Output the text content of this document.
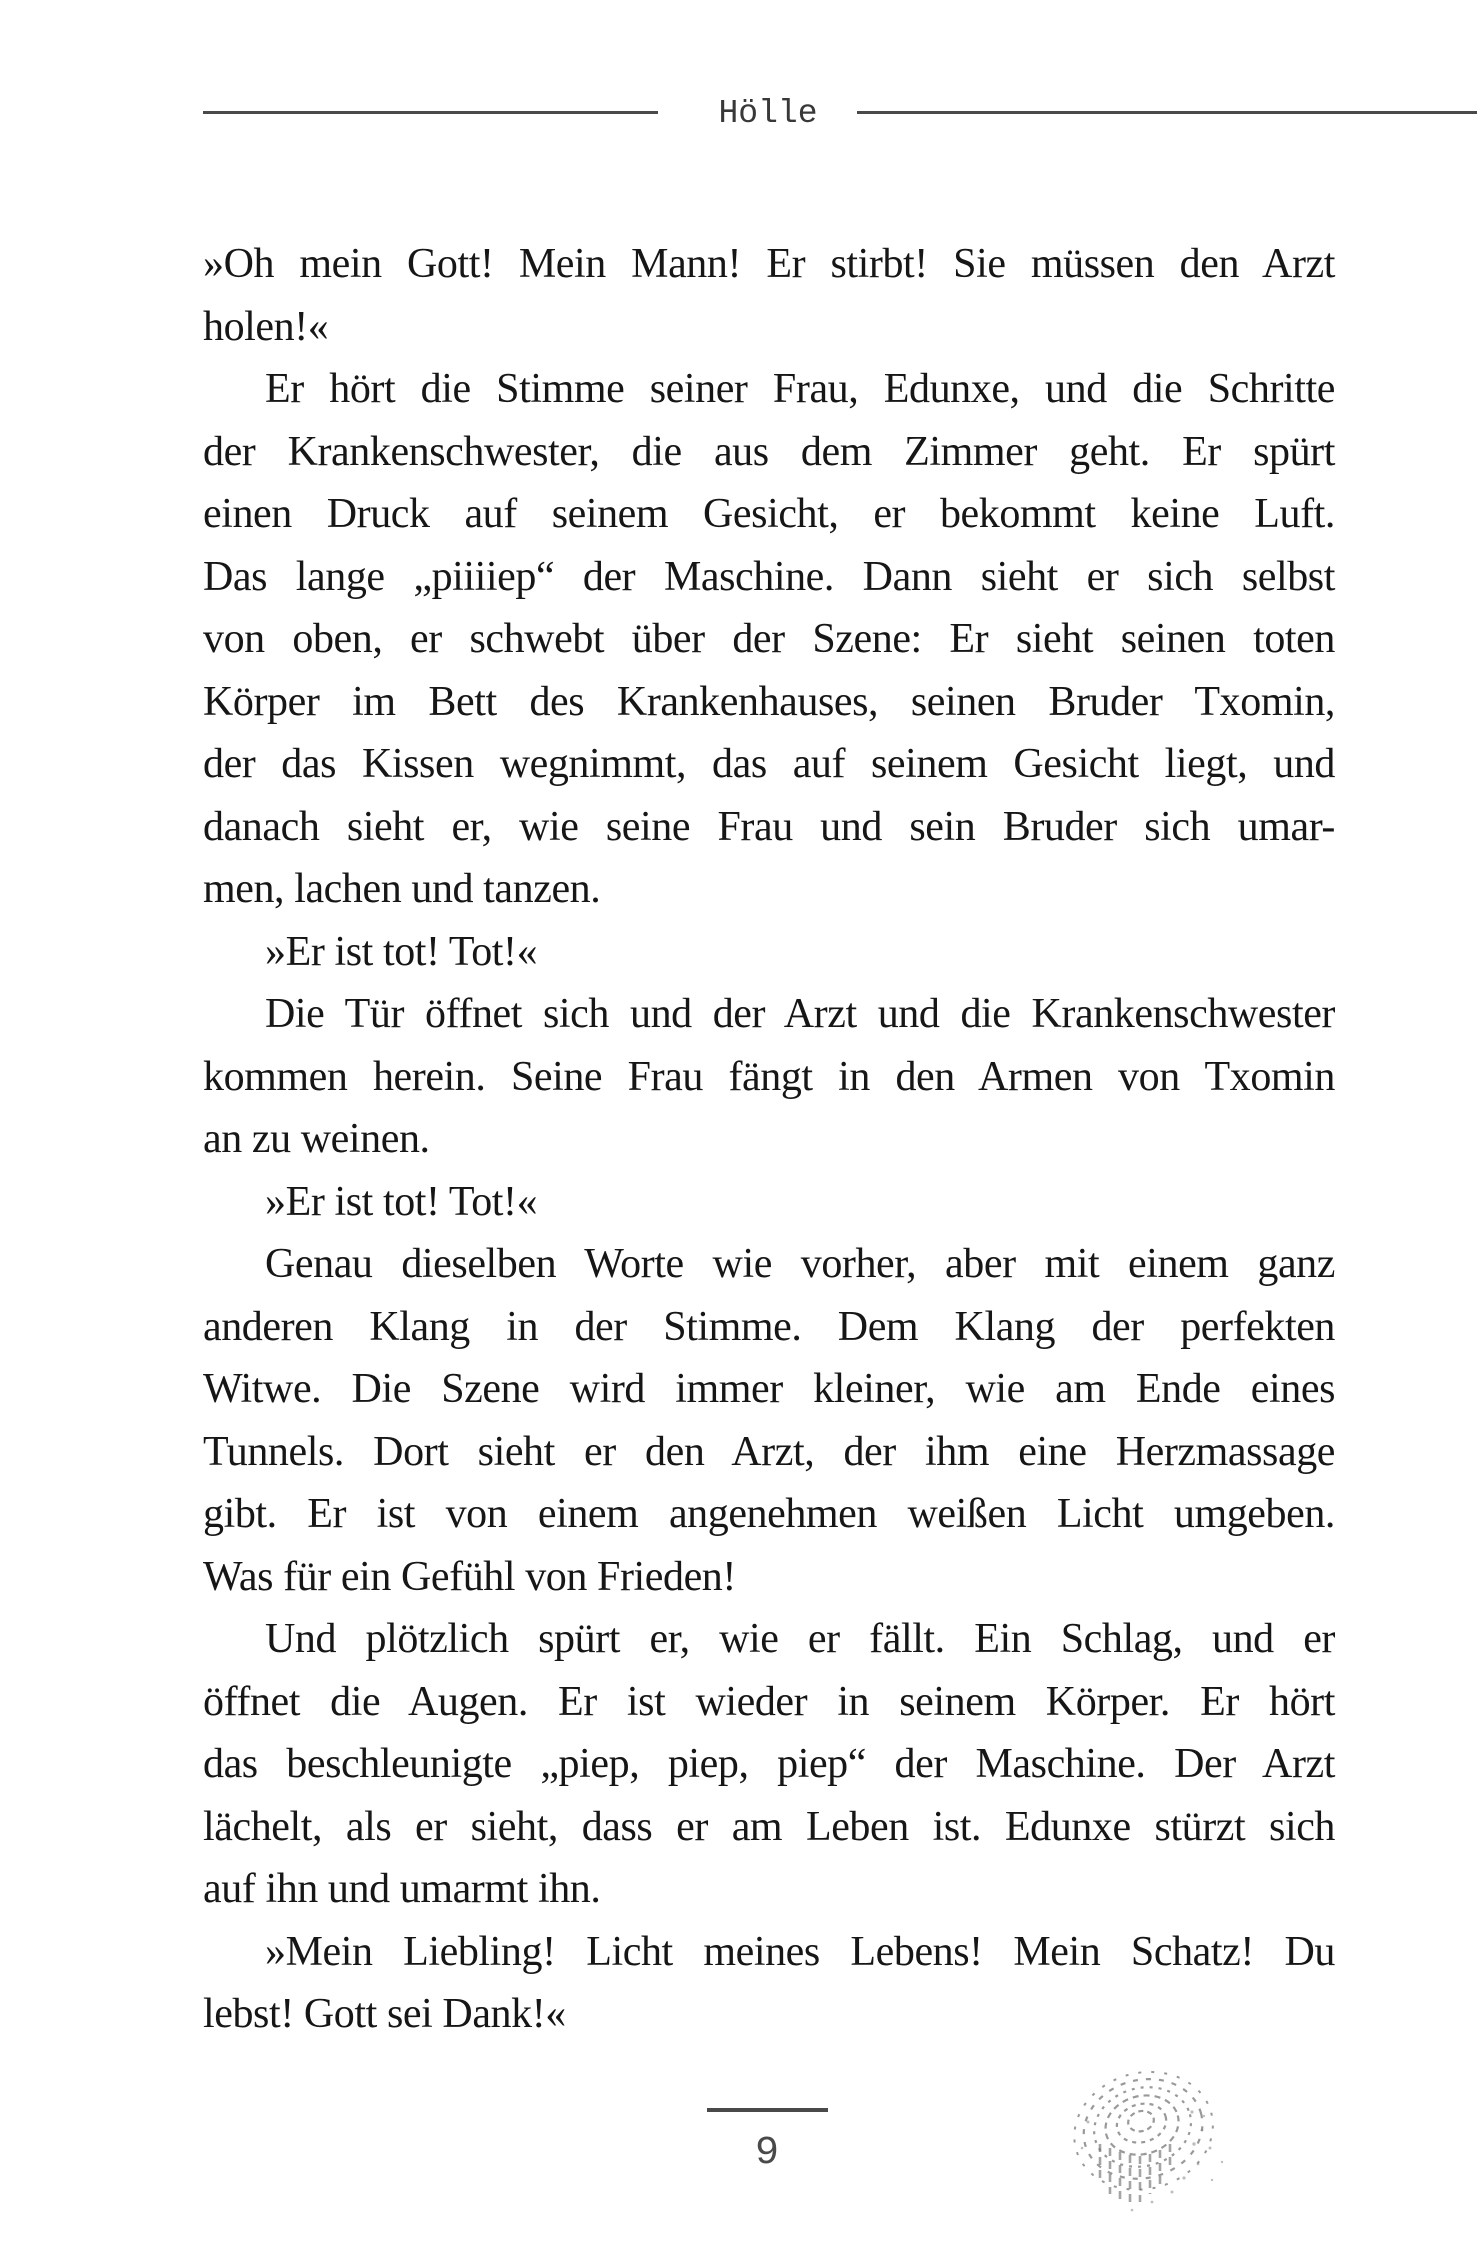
Hölle
»Oh mein Gott! Mein Mann! Er stirbt! Sie müssen den Arzt
holen!«
Er hört die Stimme seiner Frau, Edunxe, und die Schritte
der Krankenschwester, die aus dem Zimmer geht. Er spürt
einen Druck auf seinem Gesicht, er bekommt keine Luft.
Das lange „piiiiep“ der Maschine. Dann sieht er sich selbst
von oben, er schwebt über der Szene: Er sieht seinen toten
Körper im Bett des Krankenhauses, seinen Bruder Txomin,
der das Kissen wegnimmt, das auf seinem Gesicht liegt, und
danach sieht er, wie seine Frau und sein Bruder sich umar-
men, lachen und tanzen.
»Er ist tot! Tot!«
Die Tür öffnet sich und der Arzt und die Krankenschwester
kommen herein. Seine Frau fängt in den Armen von Txomin
an zu weinen.
»Er ist tot! Tot!«
Genau dieselben Worte wie vorher, aber mit einem ganz
anderen Klang in der Stimme. Dem Klang der perfekten
Witwe. Die Szene wird immer kleiner, wie am Ende eines
Tunnels. Dort sieht er den Arzt, der ihm eine Herzmassage
gibt. Er ist von einem angenehmen weißen Licht umgeben.
Was für ein Gefühl von Frieden!
Und plötzlich spürt er, wie er fällt. Ein Schlag, und er
öffnet die Augen. Er ist wieder in seinem Körper. Er hört
das beschleunigte „piep, piep, piep“ der Maschine. Der Arzt
lächelt, als er sieht, dass er am Leben ist. Edunxe stürzt sich
auf ihn und umarmt ihn.
»Mein Liebling! Licht meines Lebens! Mein Schatz! Du
lebst! Gott sei Dank!«
9
